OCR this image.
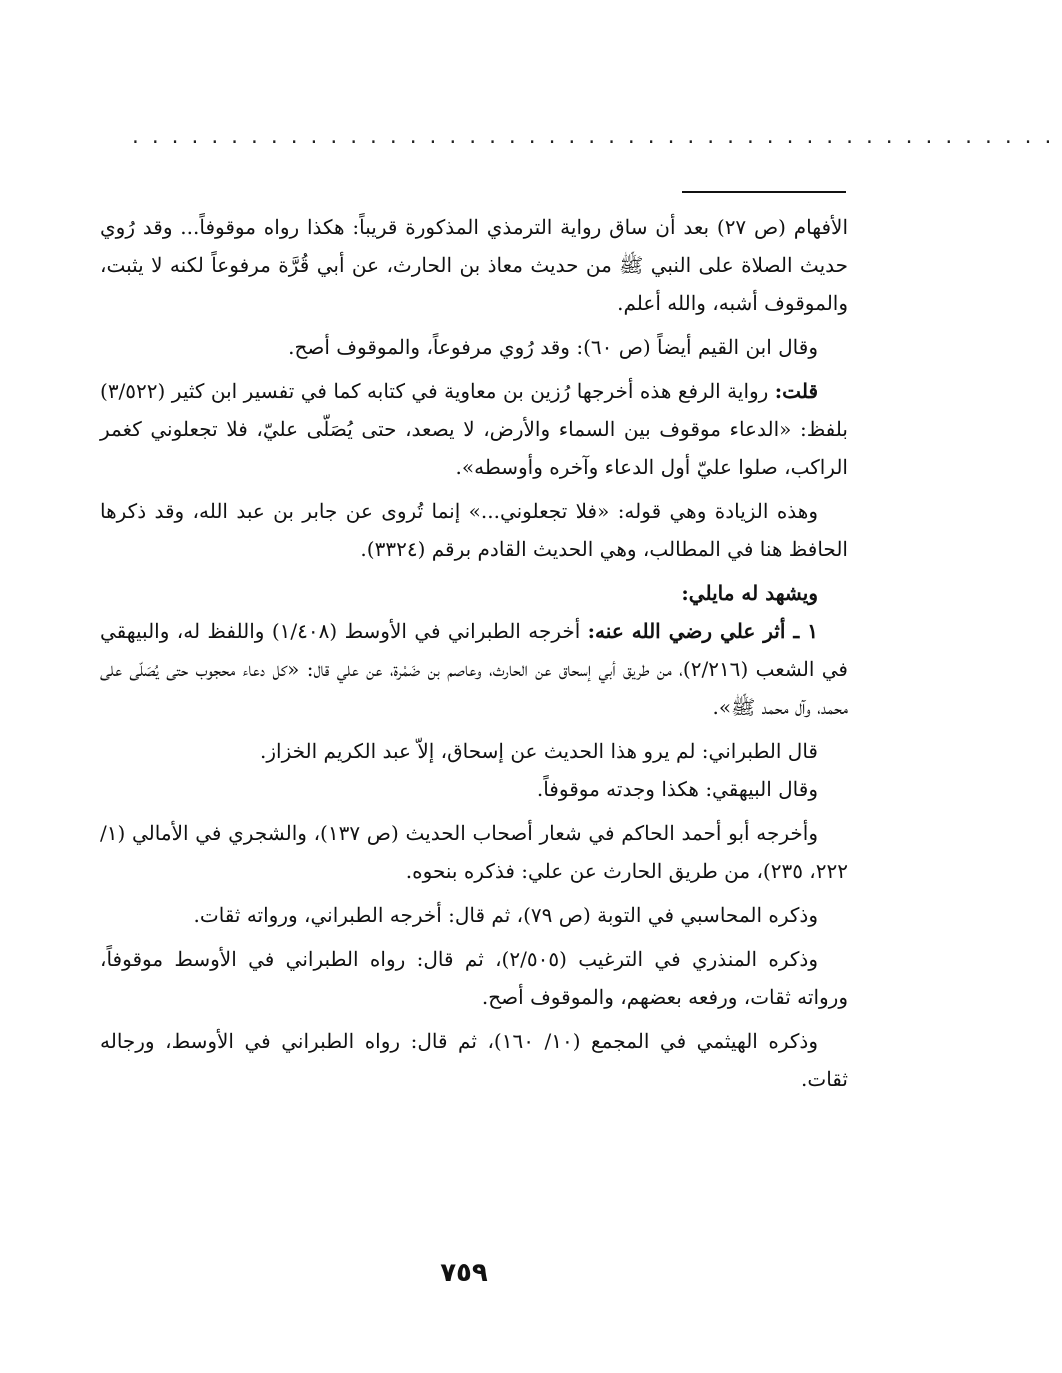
...............................................

الأفهام (ص ٢٧) بعد أن ساق رواية الترمذي المذكورة قريباً: هكذا رواه موقوفاً... وقد رُوي حديث الصلاة على النبي ﷺ من حديث معاذ بن الحارث، عن أبي قُرَّة مرفوعاً لكنه لا يثبت، والموقوف أشبه، والله أعلم.

وقال ابن القيم أيضاً (ص ٦٠): وقد رُوي مرفوعاً، والموقوف أصح.

قلت: رواية الرفع هذه أخرجها رُزين بن معاوية في كتابه كما في تفسير ابن كثير (٣/٥٢٢) بلفظ: «الدعاء موقوف بين السماء والأرض، لا يصعد، حتى يُصَلّى عليّ، فلا تجعلوني كغمر الراكب، صلوا عليّ أول الدعاء وآخره وأوسطه».

وهذه الزيادة وهي قوله: «فلا تجعلوني...» إنما تُروى عن جابر بن عبد الله، وقد ذكرها الحافظ هنا في المطالب، وهي الحديث القادم برقم (٣٣٢٤).

ويشهد له مايلي:

١ ـ أثر علي رضي الله عنه: أخرجه الطبراني في الأوسط (١/٤٠٨) واللفظ له، والبيهقي في الشعب (٢/٢١٦)، من طريق أبي إسحاق عن الحارث، وعاصم بن ضَمْرة، عن علي قال: «كل دعاء محجوب حتى يُصَلّى على محمد، وآل محمد ﷺ».

قال الطبراني: لم يرو هذا الحديث عن إسحاق، إلاّ عبد الكريم الخزاز.

وقال البيهقي: هكذا وجدته موقوفاً.

وأخرجه أبو أحمد الحاكم في شعار أصحاب الحديث (ص ١٣٧)، والشجري في الأمالي (١/ ٢٢٢، ٢٣٥)، من طريق الحارث عن علي: فذكره بنحوه.

وذكره المحاسبي في التوبة (ص ٧٩)، ثم قال: أخرجه الطبراني، ورواته ثقات.

وذكره المنذري في الترغيب (٢/٥٠٥)، ثم قال: رواه الطبراني في الأوسط موقوفاً، ورواته ثقات، ورفعه بعضهم، والموقوف أصح.

وذكره الهيثمي في المجمع (١٠/ ١٦٠)، ثم قال: رواه الطبراني في الأوسط، ورجاله ثقات.

٧٥٩
